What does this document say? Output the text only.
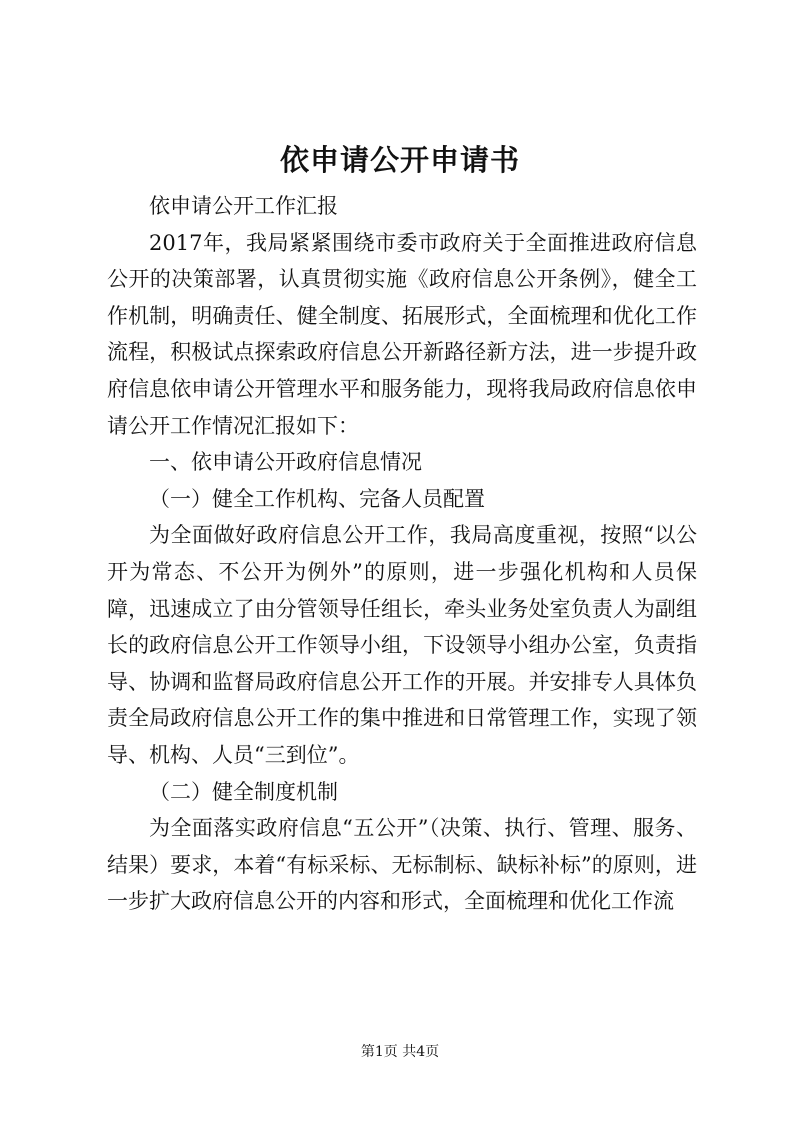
依申请公开申请书

依申请公开工作汇报

2017年，我局紧紧围绕市委市政府关于全面推进政府信息公开的决策部署，认真贯彻实施《政府信息公开条例》，健全工作机制，明确责任、健全制度、拓展形式，全面梳理和优化工作流程，积极试点探索政府信息公开新路径新方法，进一步提升政府信息依申请公开管理水平和服务能力，现将我局政府信息依申请公开工作情况汇报如下：

一、依申请公开政府信息情况

（一）健全工作机构、完备人员配置

为全面做好政府信息公开工作，我局高度重视，按照“以公开为常态、不公开为例外”的原则，进一步强化机构和人员保障，迅速成立了由分管领导任组长，牵头业务处室负责人为副组长的政府信息公开工作领导小组，下设领导小组办公室，负责指导、协调和监督局政府信息公开工作的开展。并安排专人具体负责全局政府信息公开工作的集中推进和日常管理工作，实现了领导、机构、人员“三到位”。

（二）健全制度机制

为全面落实政府信息“五公开”（决策、执行、管理、服务、结果）要求，本着“有标采标、无标制标、缺标补标”的原则，进一步扩大政府信息公开的内容和形式，全面梳理和优化工作流

第1页 共4页
